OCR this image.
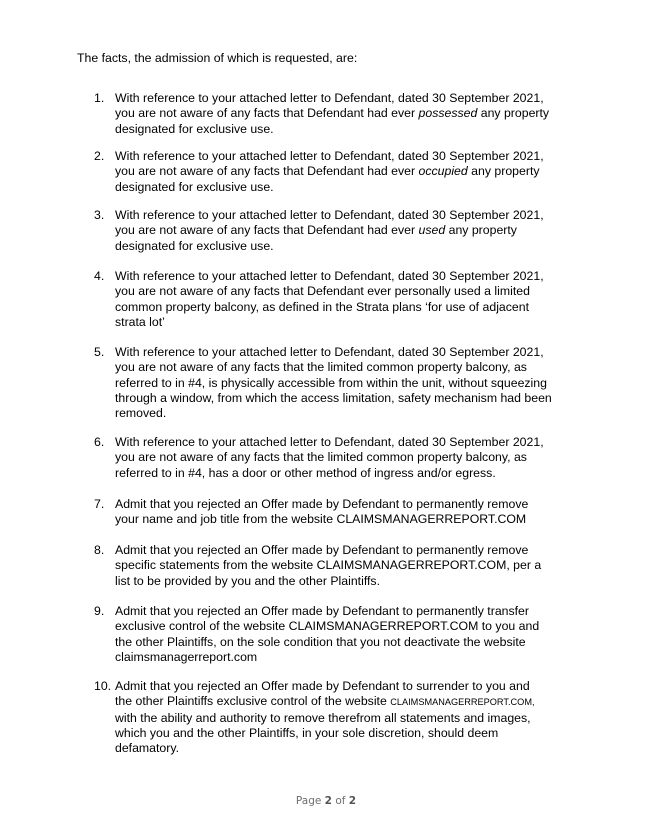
The facts, the admission of which is requested, are:
1. With reference to your attached letter to Defendant, dated 30 September 2021,
you are not aware of any facts that Defendant had ever possessed any property
designated for exclusive use.
2. With reference to your attached letter to Defendant, dated 30 September 2021,
you are not aware of any facts that Defendant had ever occupied any property
designated for exclusive use.
3. With reference to your attached letter to Defendant, dated 30 September 2021,
you are not aware of any facts that Defendant had ever used any property
designated for exclusive use.
4. With reference to your attached letter to Defendant, dated 30 September 2021,
you are not aware of any facts that Defendant ever personally used a limited
common property balcony, as defined in the Strata plans ‘for use of adjacent
strata lot’
5. With reference to your attached letter to Defendant, dated 30 September 2021,
you are not aware of any facts that the limited common property balcony, as
referred to in #4, is physically accessible from within the unit, without squeezing
through a window, from which the access limitation, safety mechanism had been
removed.
6. With reference to your attached letter to Defendant, dated 30 September 2021,
you are not aware of any facts that the limited common property balcony, as
referred to in #4, has a door or other method of ingress and/or egress.
7. Admit that you rejected an Offer made by Defendant to permanently remove
your name and job title from the website CLAIMSMANAGERREPORT.COM
8. Admit that you rejected an Offer made by Defendant to permanently remove
specific statements from the website CLAIMSMANAGERREPORT.COM, per a
list to be provided by you and the other Plaintiffs.
9. Admit that you rejected an Offer made by Defendant to permanently transfer
exclusive control of the website CLAIMSMANAGERREPORT.COM to you and
the other Plaintiffs, on the sole condition that you not deactivate the website
claimsmanagerreport.com
10. Admit that you rejected an Offer made by Defendant to surrender to you and
the other Plaintiffs exclusive control of the website CLAIMSMANAGERREPORT.COM,
with the ability and authority to remove therefrom all statements and images,
which you and the other Plaintiffs, in your sole discretion, should deem
defamatory.
Page 2 of 2
